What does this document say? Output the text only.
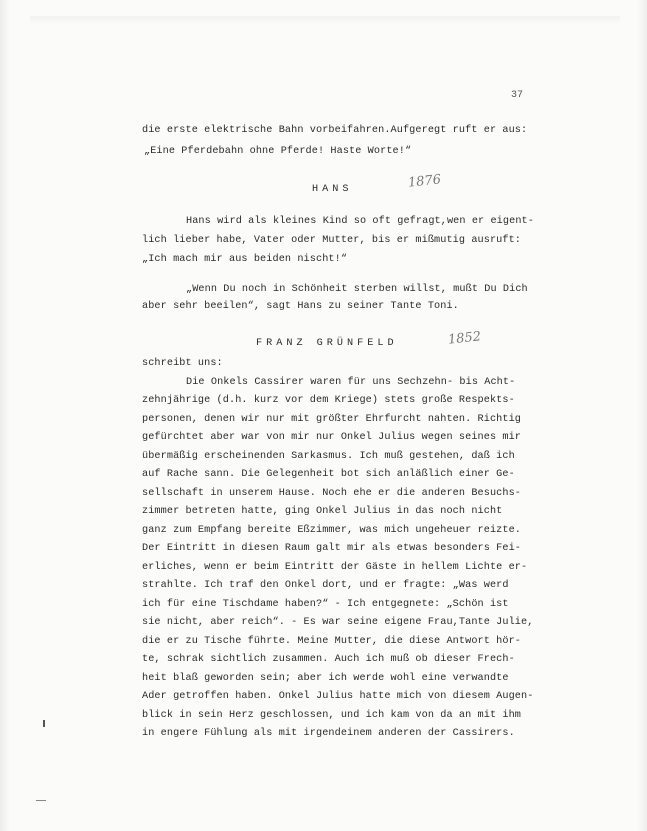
37
die erste elektrische Bahn vorbeifahren.Aufgeregt ruft er aus:
„Eine Pferdebahn ohne Pferde! Haste Worte!“
HANS	1876
Hans wird als kleines Kind so oft gefragt,wen er eigent-
lich lieber habe, Vater oder Mutter, bis er mißmutig ausruft:
„Ich mach mir aus beiden nischt!“
„Wenn Du noch in Schönheit sterben willst, mußt Du Dich
aber sehr beeilen“, sagt Hans zu seiner Tante Toni.
FRANZ GRÜNFELD	1852
schreibt uns:
Die Onkels Cassirer waren für uns Sechzehn- bis Acht-
zehnjährige (d.h. kurz vor dem Kriege) stets große Respekts-
personen, denen wir nur mit größter Ehrfurcht nahten. Richtig
gefürchtet aber war von mir nur Onkel Julius wegen seines mir
übermäßig erscheinenden Sarkasmus. Ich muß gestehen, daß ich
auf Rache sann. Die Gelegenheit bot sich anläßlich einer Ge-
sellschaft in unserem Hause. Noch ehe er die anderen Besuchs-
zimmer betreten hatte, ging Onkel Julius in das noch nicht
ganz zum Empfang bereite Eßzimmer, was mich ungeheuer reizte.
Der Eintritt in diesen Raum galt mir als etwas besonders Fei-
erliches, wenn er beim Eintritt der Gäste in hellem Lichte er-
strahlte. Ich traf den Onkel dort, und er fragte: „Was werd
ich für eine Tischdame haben?“ - Ich entgegnete: „Schön ist
sie nicht, aber reich“. - Es war seine eigene Frau,Tante Julie,
die er zu Tische führte. Meine Mutter, die diese Antwort hör-
te, schrak sichtlich zusammen. Auch ich muß ob dieser Frech-
heit blaß geworden sein; aber ich werde wohl eine verwandte
Ader getroffen haben. Onkel Julius hatte mich von diesem Augen-
blick in sein Herz geschlossen, und ich kam von da an mit ihm
in engere Fühlung als mit irgendeinem anderen der Cassirers.
